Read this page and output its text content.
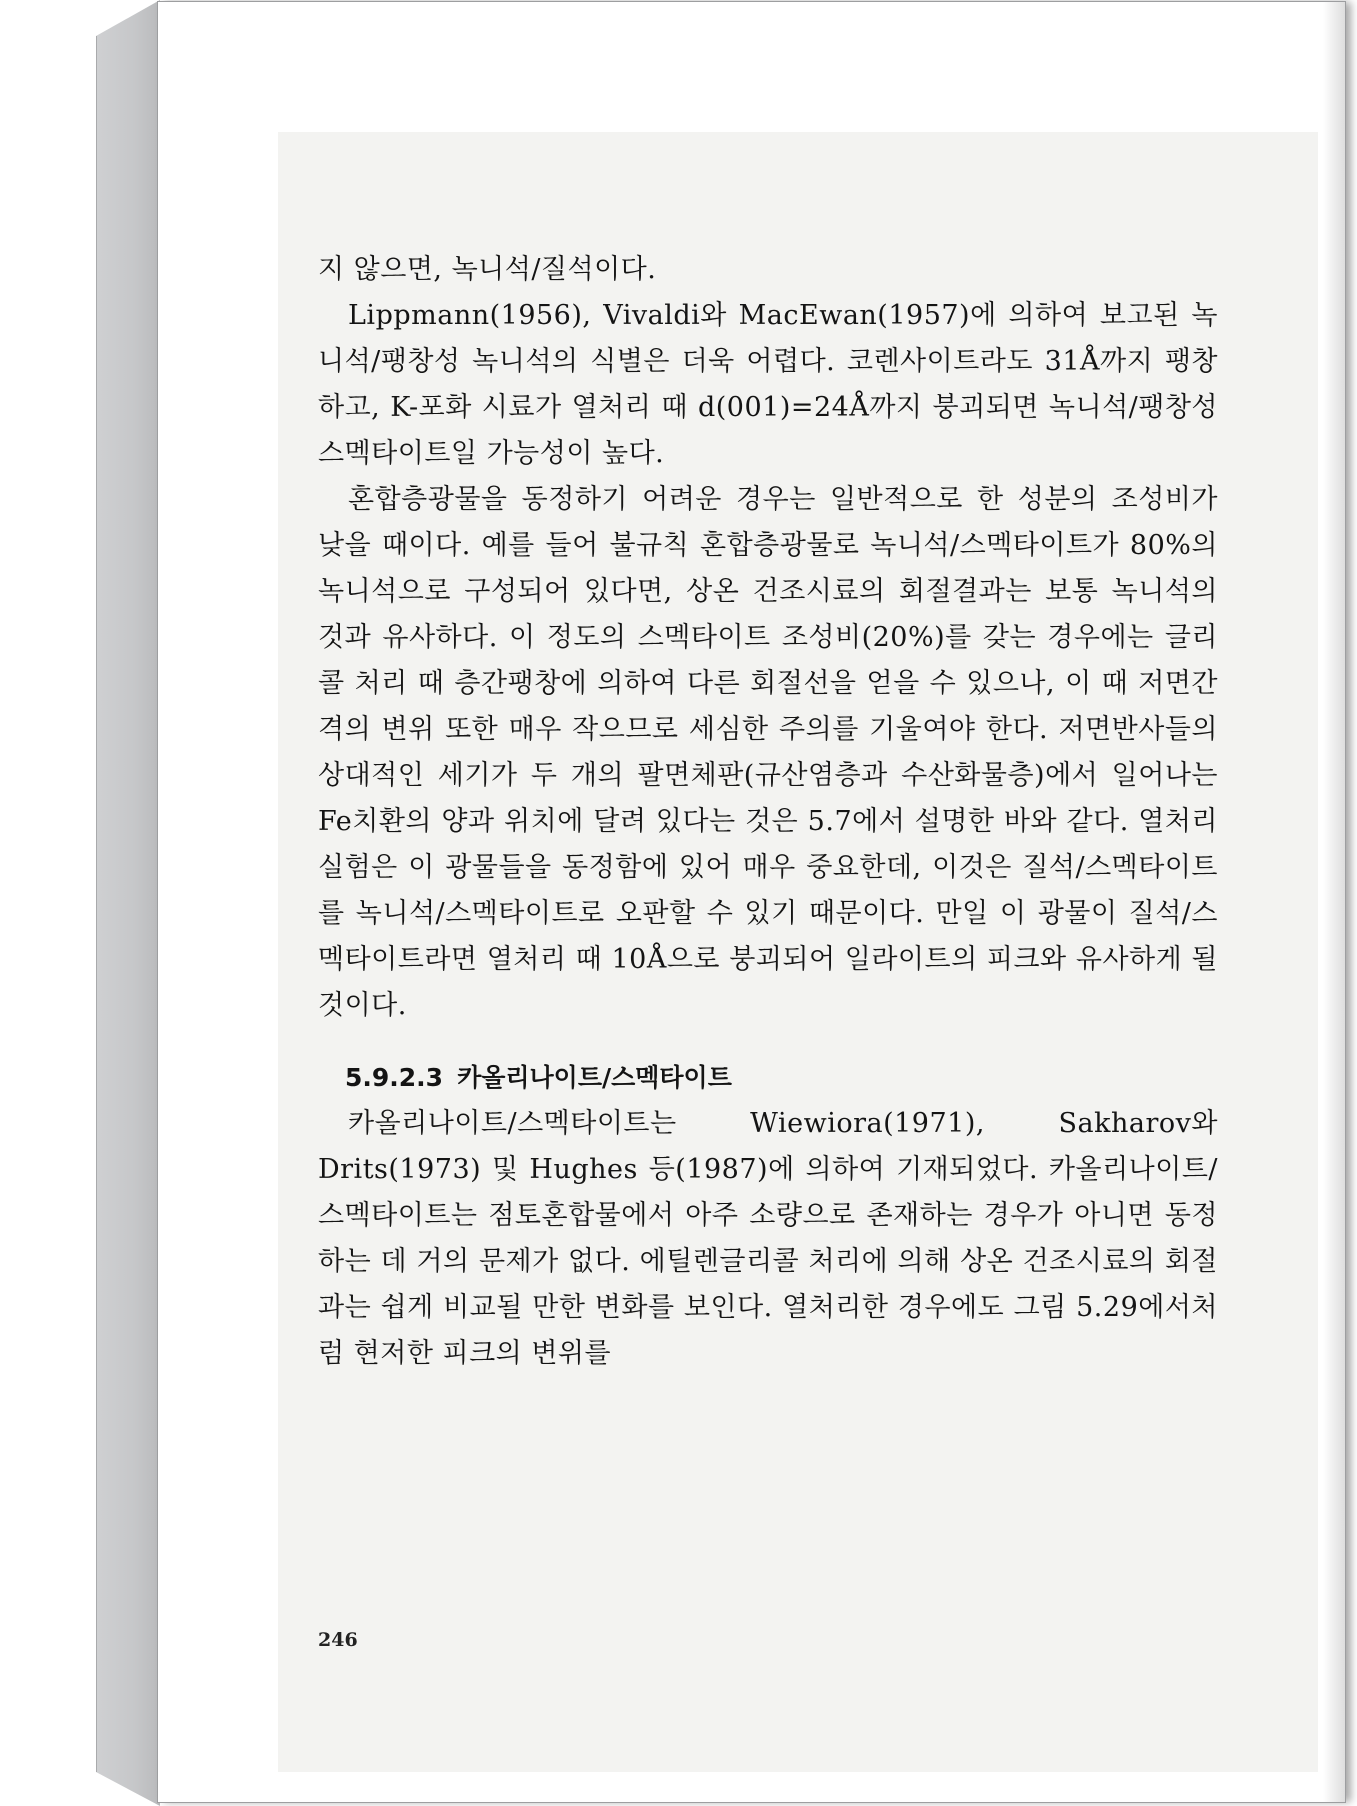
지 않으면, 녹니석/질석이다.

Lippmann(1956), Vivaldi와 MacEwan(1957)에 의하여 보고된 녹니석/팽창성 녹니석의 식별은 더욱 어렵다. 코렌사이트라도 31Å까지 팽창하고, K-포화 시료가 열처리 때 d(001)=24Å까지 붕괴되면 녹니석/팽창성 스멕타이트일 가능성이 높다.

혼합층광물을 동정하기 어려운 경우는 일반적으로 한 성분의 조성비가 낮을 때이다. 예를 들어 불규칙 혼합층광물로 녹니석/스멕타이트가 80%의 녹니석으로 구성되어 있다면, 상온 건조시료의 회절결과는 보통 녹니석의 것과 유사하다. 이 정도의 스멕타이트 조성비(20%)를 갖는 경우에는 글리콜 처리 때 층간팽창에 의하여 다른 회절선을 얻을 수 있으나, 이 때 저면간격의 변위 또한 매우 작으므로 세심한 주의를 기울여야 한다. 저면반사들의 상대적인 세기가 두 개의 팔면체판(규산염층과 수산화물층)에서 일어나는 Fe치환의 양과 위치에 달려 있다는 것은 5.7에서 설명한 바와 같다. 열처리 실험은 이 광물들을 동정함에 있어 매우 중요한데, 이것은 질석/스멕타이트를 녹니석/스멕타이트로 오판할 수 있기 때문이다. 만일 이 광물이 질석/스멕타이트라면 열처리 때 10Å으로 붕괴되어 일라이트의 피크와 유사하게 될 것이다.

5.9.2.3 카올리나이트/스멕타이트

카올리나이트/스멕타이트는 Wiewiora(1971), Sakharov와 Drits(1973) 및 Hughes 등(1987)에 의하여 기재되었다. 카올리나이트/스멕타이트는 점토혼합물에서 아주 소량으로 존재하는 경우가 아니면 동정하는 데 거의 문제가 없다. 에틸렌글리콜 처리에 의해 상온 건조시료의 회절과는 쉽게 비교될 만한 변화를 보인다. 열처리한 경우에도 그림 5.29에서처럼 현저한 피크의 변위를

246
